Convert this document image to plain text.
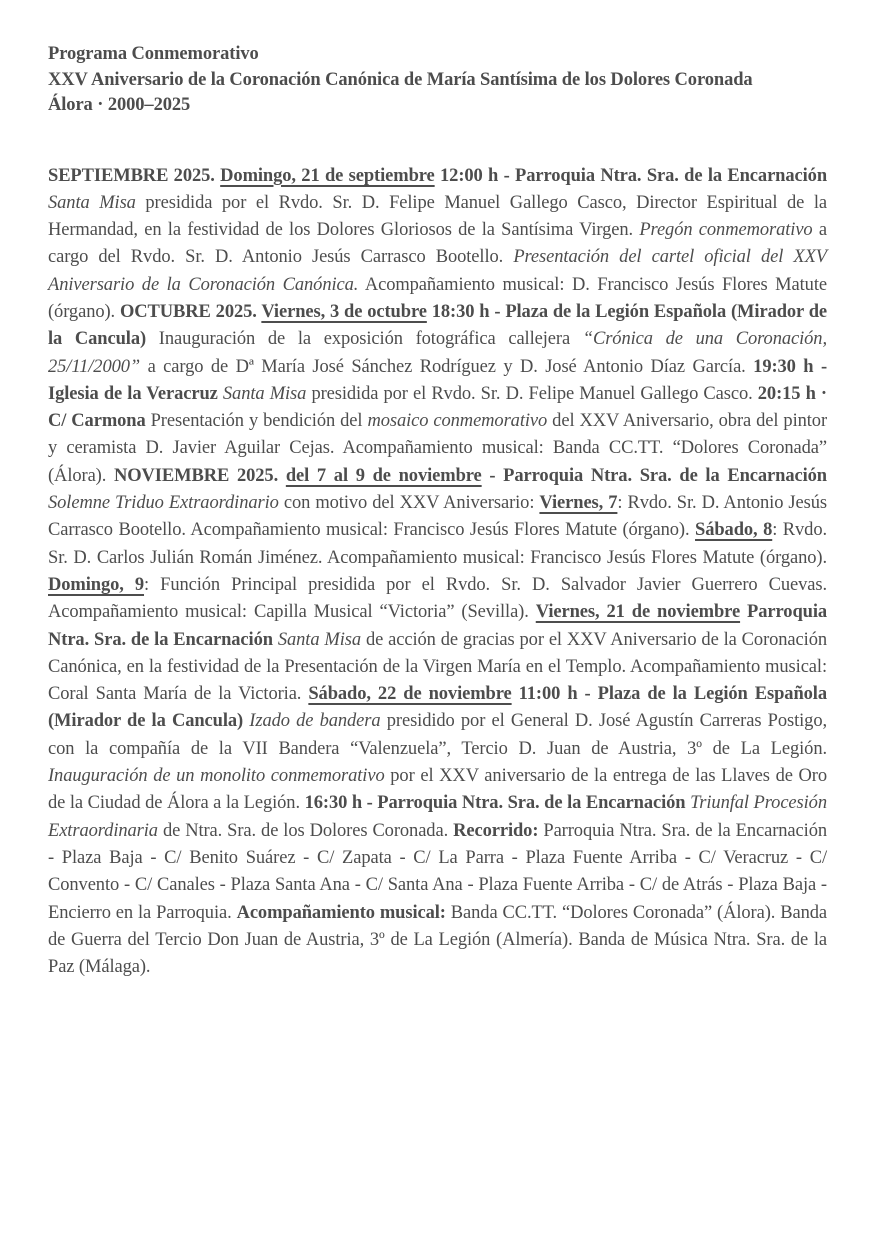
Programa Conmemorativo
XXV Aniversario de la Coronación Canónica de María Santísima de los Dolores Coronada
Álora · 2000–2025

SEPTIEMBRE 2025. Domingo, 21 de septiembre 12:00 h - Parroquia Ntra. Sra. de la Encarnación Santa Misa presidida por el Rvdo. Sr. D. Felipe Manuel Gallego Casco, Director Espiritual de la Hermandad, en la festividad de los Dolores Gloriosos de la Santísima Virgen. Pregón conmemorativo a cargo del Rvdo. Sr. D. Antonio Jesús Carrasco Bootello. Presentación del cartel oficial del XXV Aniversario de la Coronación Canónica. Acompañamiento musical: D. Francisco Jesús Flores Matute (órgano). OCTUBRE 2025. Viernes, 3 de octubre 18:30 h - Plaza de la Legión Española (Mirador de la Cancula) Inauguración de la exposición fotográfica callejera “Crónica de una Coronación, 25/11/2000” a cargo de Dª María José Sánchez Rodríguez y D. José Antonio Díaz García. 19:30 h - Iglesia de la Veracruz Santa Misa presidida por el Rvdo. Sr. D. Felipe Manuel Gallego Casco. 20:15 h · C/ Carmona Presentación y bendición del mosaico conmemorativo del XXV Aniversario, obra del pintor y ceramista D. Javier Aguilar Cejas. Acompañamiento musical: Banda CC.TT. “Dolores Coronada” (Álora). NOVIEMBRE 2025. del 7 al 9 de noviembre - Parroquia Ntra. Sra. de la Encarnación Solemne Triduo Extraordinario con motivo del XXV Aniversario: Viernes, 7: Rvdo. Sr. D. Antonio Jesús Carrasco Bootello. Acompañamiento musical: Francisco Jesús Flores Matute (órgano). Sábado, 8: Rvdo. Sr. D. Carlos Julián Román Jiménez. Acompañamiento musical: Francisco Jesús Flores Matute (órgano). Domingo, 9: Función Principal presidida por el Rvdo. Sr. D. Salvador Javier Guerrero Cuevas. Acompañamiento musical: Capilla Musical “Victoria” (Sevilla). Viernes, 21 de noviembre Parroquia Ntra. Sra. de la Encarnación Santa Misa de acción de gracias por el XXV Aniversario de la Coronación Canónica, en la festividad de la Presentación de la Virgen María en el Templo. Acompañamiento musical: Coral Santa María de la Victoria. Sábado, 22 de noviembre 11:00 h - Plaza de la Legión Española (Mirador de la Cancula) Izado de bandera presidido por el General D. José Agustín Carreras Postigo, con la compañía de la VII Bandera “Valenzuela”, Tercio D. Juan de Austria, 3º de La Legión. Inauguración de un monolito conmemorativo por el XXV aniversario de la entrega de las Llaves de Oro de la Ciudad de Álora a la Legión. 16:30 h - Parroquia Ntra. Sra. de la Encarnación Triunfal Procesión Extraordinaria de Ntra. Sra. de los Dolores Coronada. Recorrido: Parroquia Ntra. Sra. de la Encarnación - Plaza Baja - C/ Benito Suárez - C/ Zapata - C/ La Parra - Plaza Fuente Arriba - C/ Veracruz - C/ Convento - C/ Canales - Plaza Santa Ana - C/ Santa Ana - Plaza Fuente Arriba - C/ de Atrás - Plaza Baja - Encierro en la Parroquia. Acompañamiento musical: Banda CC.TT. “Dolores Coronada” (Álora). Banda de Guerra del Tercio Don Juan de Austria, 3º de La Legión (Almería). Banda de Música Ntra. Sra. de la Paz (Málaga).
